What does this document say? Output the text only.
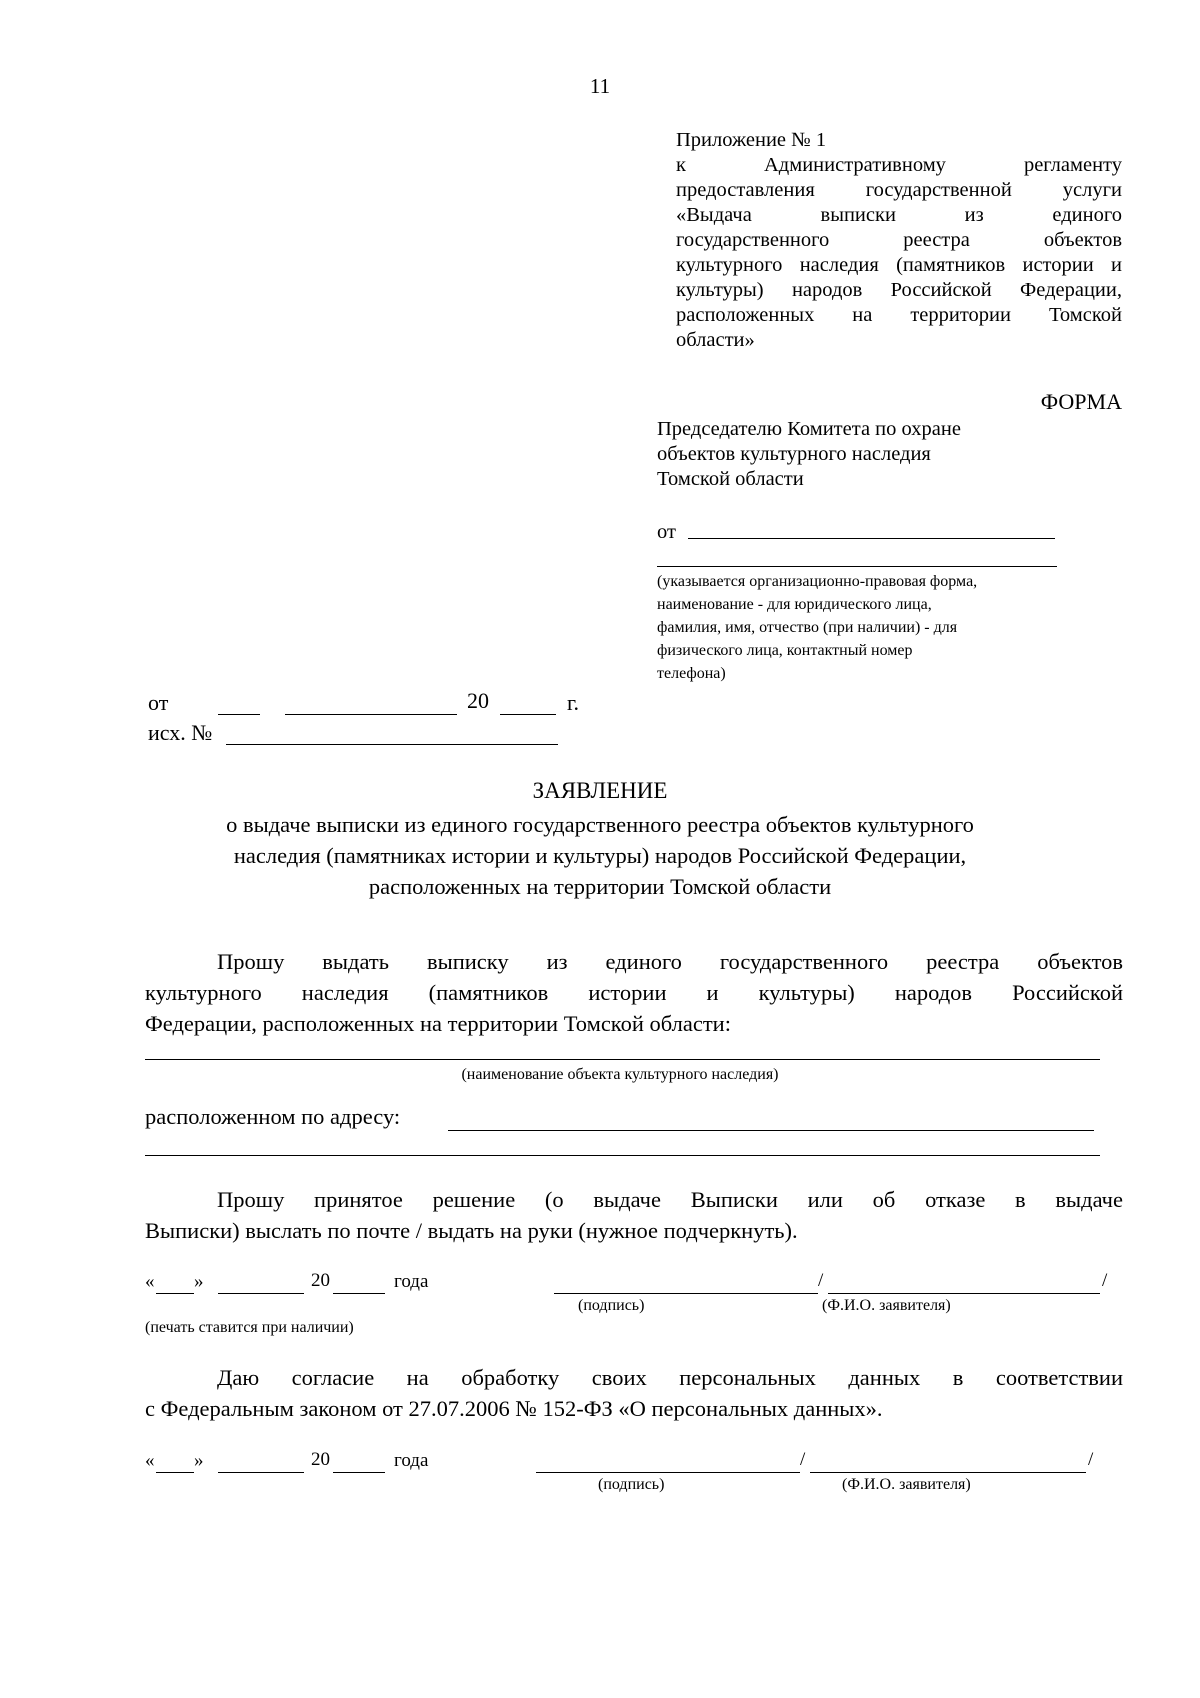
11
Приложение № 1
к Административному регламенту
предоставления государственной услуги
«Выдача выписки из единого
государственного реестра объектов
культурного наследия (памятников истории и
культуры) народов Российской Федерации,
расположенных на территории Томской
области»
ФОРМА
Председателю Комитета по охране
объектов культурного наследия
Томской области
от
(указывается организационно-правовая форма,
наименование - для юридического лица,
фамилия, имя, отчество (при наличии) - для
физического лица, контактный номер
телефона)
от	20	г.
исх. №
ЗАЯВЛЕНИЕ
о выдаче выписки из единого государственного реестра объектов культурного
наследия (памятниках истории и культуры) народов Российской Федерации,
расположенных на территории Томской области
Прошу выдать выписку из единого государственного реестра объектов
культурного наследия (памятников истории и культуры) народов Российской
Федерации, расположенных на территории Томской области:
(наименование объекта культурного наследия)
расположенном по адресу:
Прошу принятое решение (о выдаче Выписки или об отказе в выдаче
Выписки) выслать по почте / выдать на руки (нужное подчеркнуть).
« »	20	года	/	/
(подпись)	(Ф.И.О. заявителя)
(печать ставится при наличии)
Даю согласие на обработку своих персональных данных в соответствии
с Федеральным законом от 27.07.2006 № 152-ФЗ «О персональных данных».
« »	20	года	/	/
(подпись)	(Ф.И.О. заявителя)
